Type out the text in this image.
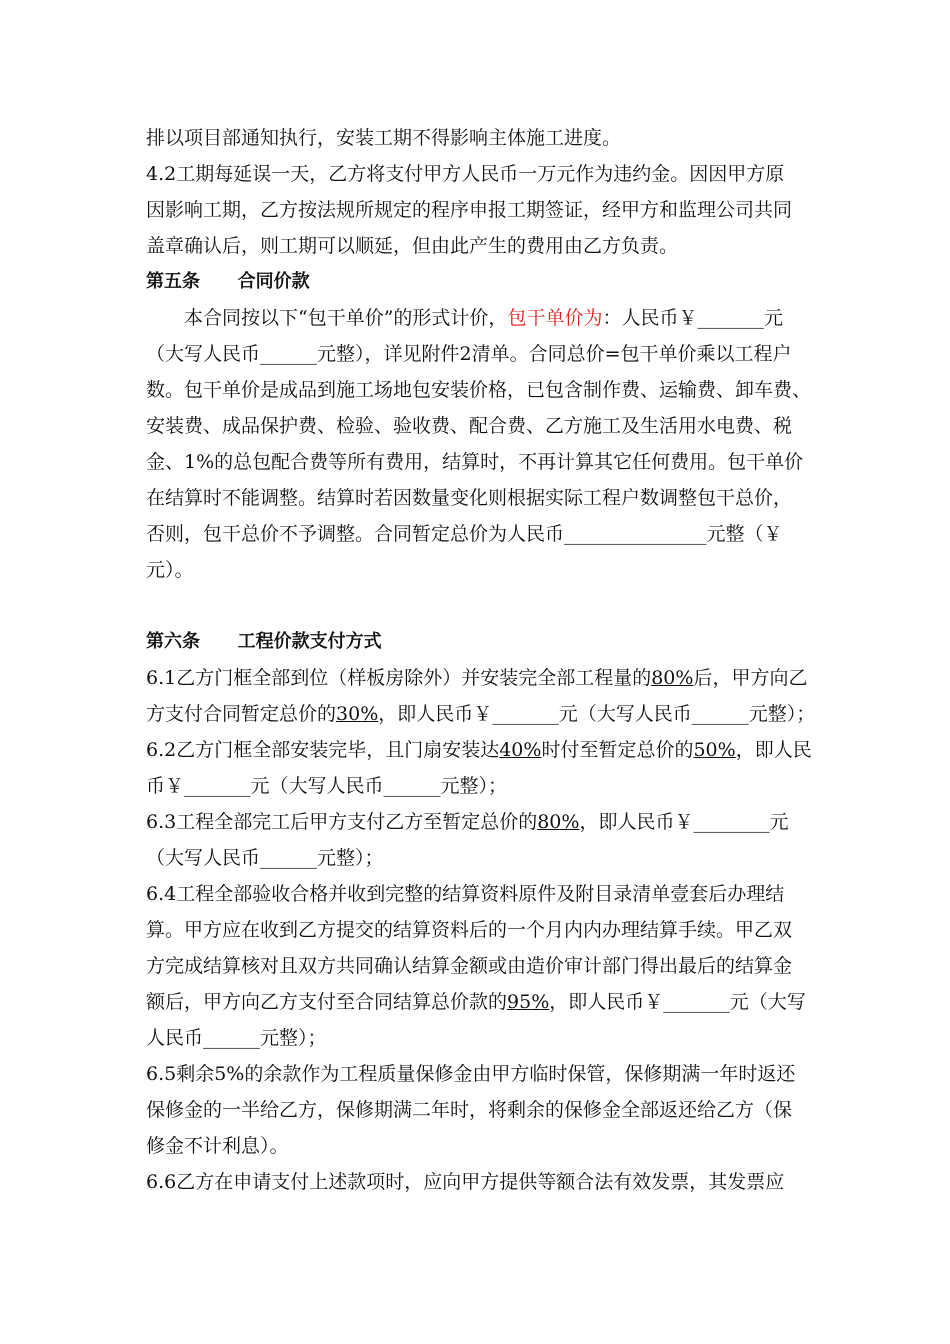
排以项目部通知执行，安装工期不得影响主体施工进度。
4.2工期每延误一天，乙方将支付甲方人民币一万元作为违约金。因因甲方原
因影响工期，乙方按法规所规定的程序申报工期签证，经甲方和监理公司共同
盖章确认后，则工期可以顺延，但由此产生的费用由乙方负责。
第五条      合同价款
本合同按以下“包干单价”的形式计价，包干单价为：人民币￥_______元
（大写人民币______元整），详见附件2清单。合同总价=包干单价乘以工程户
数。包干单价是成品到施工场地包安装价格，已包含制作费、运输费、卸车费、
安装费、成品保护费、检验、验收费、配合费、乙方施工及生活用水电费、税
金、1%的总包配合费等所有费用，结算时，不再计算其它任何费用。包干单价
在结算时不能调整。结算时若因数量变化则根据实际工程户数调整包干总价，
否则，包干总价不予调整。合同暂定总价为人民币_______________元整（￥
元）。
第六条      工程价款支付方式
6.1乙方门框全部到位（样板房除外）并安装完全部工程量的80%后，甲方向乙
方支付合同暂定总价的30%，即人民币￥_______元（大写人民币______元整）；
6.2乙方门框全部安装完毕，且门扇安装达40%时付至暂定总价的50%，即人民
币￥_______元（大写人民币______元整）；
6.3工程全部完工后甲方支付乙方至暂定总价的80%，即人民币￥________元
（大写人民币______元整）；
6.4工程全部验收合格并收到完整的结算资料原件及附目录清单壹套后办理结
算。甲方应在收到乙方提交的结算资料后的一个月内内办理结算手续。甲乙双
方完成结算核对且双方共同确认结算金额或由造价审计部门得出最后的结算金
额后，甲方向乙方支付至合同结算总价款的95%，即人民币￥_______元（大写
人民币______元整）；
6.5剩余5%的余款作为工程质量保修金由甲方临时保管，保修期满一年时返还
保修金的一半给乙方，保修期满二年时，将剩余的保修金全部返还给乙方（保
修金不计利息）。
6.6乙方在申请支付上述款项时，应向甲方提供等额合法有效发票，其发票应
